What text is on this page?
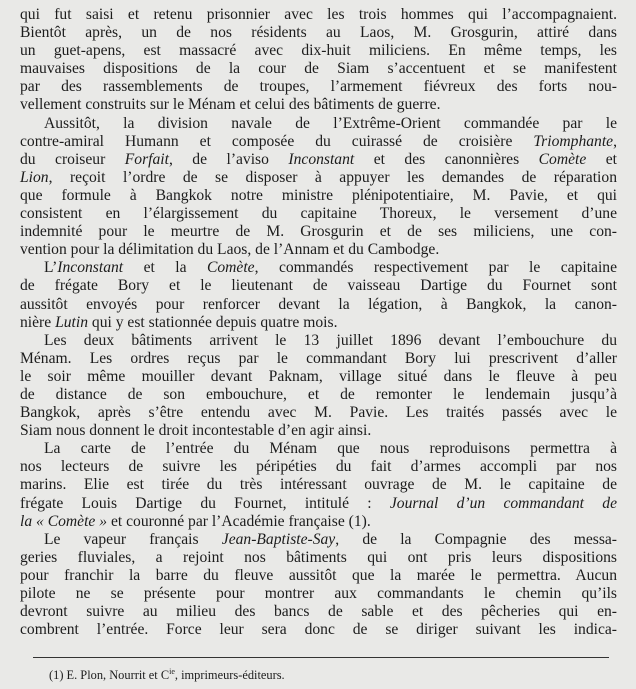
qui fut saisi et retenu prisonnier avec les trois hommes qui l’accompagnaient.
Bientôt après, un de nos résidents au Laos, M. Grosgurin, attiré dans
un guet-apens, est massacré avec dix-huit miliciens. En même temps, les
mauvaises dispositions de la cour de Siam s’accentuent et se manifestent
par des rassemblements de troupes, l’armement fiévreux des forts nou-
vellement construits sur le Ménam et celui des bâtiments de guerre.
Aussitôt, la division navale de l’Extrême-Orient commandée par le
contre-amiral Humann et composée du cuirassé de croisière Triomphante,
du croiseur Forfait, de l’aviso Inconstant et des canonnières Comète et
Lion, reçoit l’ordre de se disposer à appuyer les demandes de réparation
que formule à Bangkok notre ministre plénipotentiaire, M. Pavie, et qui
consistent en l’élargissement du capitaine Thoreux, le versement d’une
indemnité pour le meurtre de M. Grosgurin et de ses miliciens, une con-
vention pour la délimitation du Laos, de l’Annam et du Cambodge.
L’Inconstant et la Comète, commandés respectivement par le capitaine
de frégate Bory et le lieutenant de vaisseau Dartige du Fournet sont
aussitôt envoyés pour renforcer devant la légation, à Bangkok, la canon-
nière Lutin qui y est stationnée depuis quatre mois.
Les deux bâtiments arrivent le 13 juillet 1896 devant l’embouchure du
Ménam. Les ordres reçus par le commandant Bory lui prescrivent d’aller
le soir même mouiller devant Paknam, village situé dans le fleuve à peu
de distance de son embouchure, et de remonter le lendemain jusqu’à
Bangkok, après s’être entendu avec M. Pavie. Les traités passés avec le
Siam nous donnent le droit incontestable d’en agir ainsi.
La carte de l’entrée du Ménam que nous reproduisons permettra à
nos lecteurs de suivre les péripéties du fait d’armes accompli par nos
marins. Elie est tirée du très intéressant ouvrage de M. le capitaine de
frégate Louis Dartige du Fournet, intitulé : Journal d’un commandant de
la « Comète » et couronné par l’Académie française (1).
Le vapeur français Jean-Baptiste-Say, de la Compagnie des messa-
geries fluviales, a rejoint nos bâtiments qui ont pris leurs dispositions
pour franchir la barre du fleuve aussitôt que la marée le permettra. Aucun
pilote ne se présente pour montrer aux commandants le chemin qu’ils
devront suivre au milieu des bancs de sable et des pêcheries qui en-
combrent l’entrée. Force leur sera donc de se diriger suivant les indica-
(1) E. Plon, Nourrit et $C^{ie}$, imprimeurs-éditeurs.
